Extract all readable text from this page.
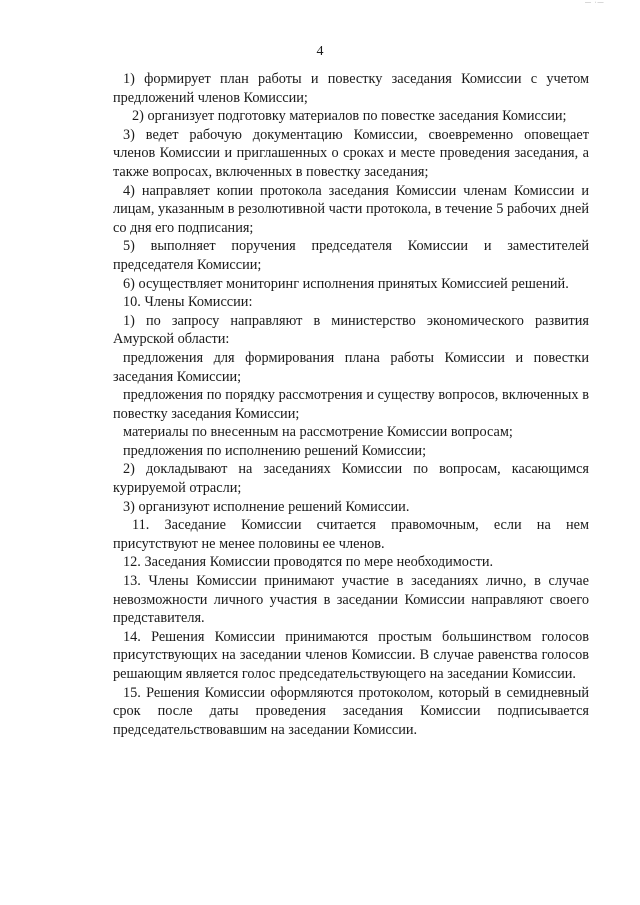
— ·—
4

1) формирует план работы и повестку заседания Комиссии с учетом предложений членов Комиссии;

2) организует подготовку материалов по повестке заседания Комиссии;

3) ведет рабочую документацию Комиссии, своевременно оповещает членов Комиссии и приглашенных о сроках и месте проведения заседания, а также вопросах, включенных в повестку заседания;

4) направляет копии протокола заседания Комиссии членам Комиссии и лицам, указанным в резолютивной части протокола, в течение 5 рабочих дней со дня его подписания;

5) выполняет поручения председателя Комиссии и заместителей председателя Комиссии;

6) осуществляет мониторинг исполнения принятых Комиссией решений.

10. Члены Комиссии:

1) по запросу направляют в министерство экономического развития Амурской области:

предложения для формирования плана работы Комиссии и повестки заседания Комиссии;

предложения по порядку рассмотрения и существу вопросов, включенных в повестку заседания Комиссии;

материалы по внесенным на рассмотрение Комиссии вопросам;

предложения по исполнению решений Комиссии;

2) докладывают на заседаниях Комиссии по вопросам, касающимся курируемой отрасли;

3) организуют исполнение решений Комиссии.

11. Заседание Комиссии считается правомочным, если на нем присутствуют не менее половины ее членов.

12. Заседания Комиссии проводятся по мере необходимости.

13. Члены Комиссии принимают участие в заседаниях лично, в случае невозможности личного участия в заседании Комиссии направляют своего представителя.

14. Решения Комиссии принимаются простым большинством голосов присутствующих на заседании членов Комиссии. В случае равенства голосов решающим является голос председательствующего на заседании Комиссии.

15. Решения Комиссии оформляются протоколом, который в семидневный срок после даты проведения заседания Комиссии подписывается председательствовавшим на заседании Комиссии.
